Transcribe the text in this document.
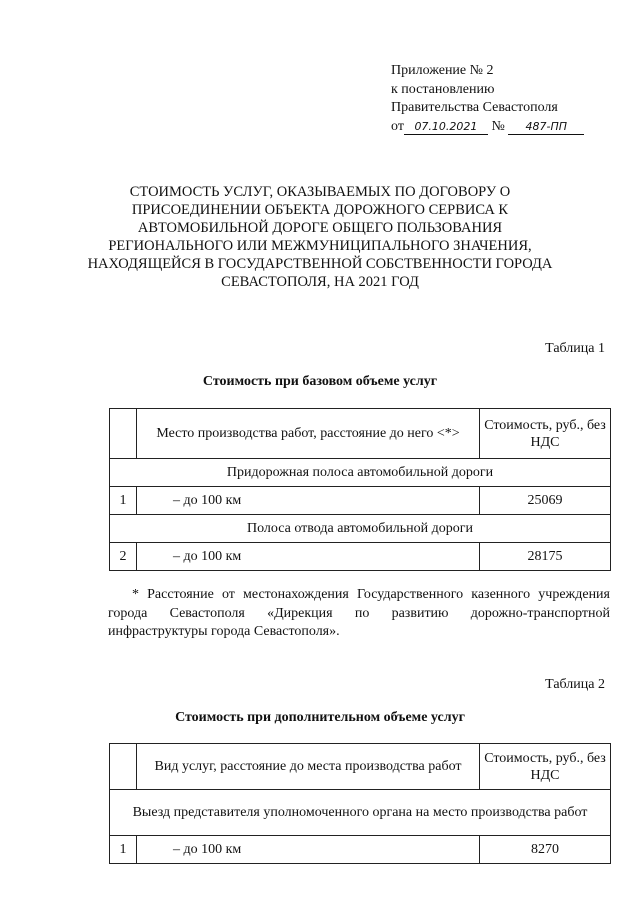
Приложение № 2
к постановлению
Правительства Севастополя
от 07.10.2021 № 487-ПП
СТОИМОСТЬ УСЛУГ, ОКАЗЫВАЕМЫХ ПО ДОГОВОРУ О ПРИСОЕДИНЕНИИ ОБЪЕКТА ДОРОЖНОГО СЕРВИСА К АВТОМОБИЛЬНОЙ ДОРОГЕ ОБЩЕГО ПОЛЬЗОВАНИЯ РЕГИОНАЛЬНОГО ИЛИ МЕЖМУНИЦИПАЛЬНОГО ЗНАЧЕНИЯ, НАХОДЯЩЕЙСЯ В ГОСУДАРСТВЕННОЙ СОБСТВЕННОСТИ ГОРОДА СЕВАСТОПОЛЯ, НА 2021 ГОД
Таблица 1
Стоимость при базовом объеме услуг
	Место производства работ, расстояние до него <*>	Стоимость, руб., без НДС
Придорожная полоса автомобильной дороги		
1	– до 100 км	25069
Полоса отвода автомобильной дороги		
2	– до 100 км	28175
* Расстояние от местонахождения Государственного казенного учреждения города Севастополя «Дирекция по развитию дорожно-транспортной инфраструктуры города Севастополя».
Таблица 2
Стоимость при дополнительном объеме услуг
	Вид услуг, расстояние до места производства работ	Стоимость, руб., без НДС
Выезд представителя уполномоченного органа на место производства работ		
1	– до 100 км	8270
